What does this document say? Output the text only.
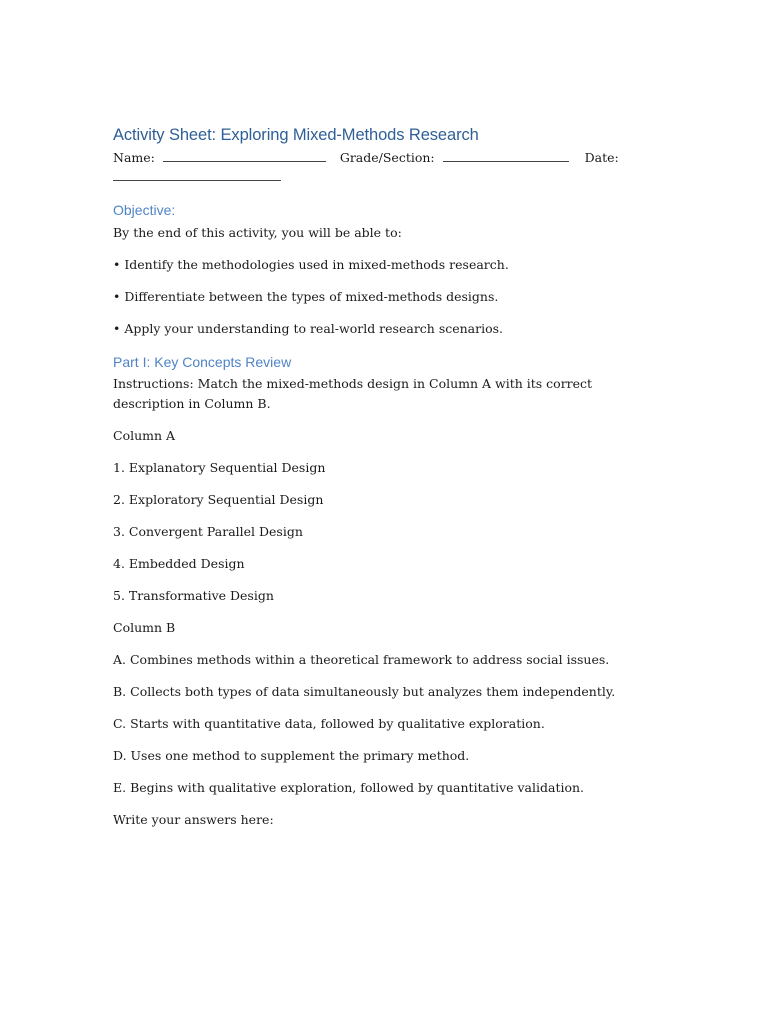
Activity Sheet: Exploring Mixed-Methods Research
Name:	Grade/Section:	Date:
Objective:

By the end of this activity, you will be able to:

• Identify the methodologies used in mixed-methods research.

• Differentiate between the types of mixed-methods designs.

• Apply your understanding to real-world research scenarios.

Part I: Key Concepts Review

Instructions: Match the mixed-methods design in Column A with its correct description in Column B.

Column A

1. Explanatory Sequential Design

2. Exploratory Sequential Design

3. Convergent Parallel Design

4. Embedded Design

5. Transformative Design

Column B

A. Combines methods within a theoretical framework to address social issues.

B. Collects both types of data simultaneously but analyzes them independently.

C. Starts with quantitative data, followed by qualitative exploration.

D. Uses one method to supplement the primary method.

E. Begins with qualitative exploration, followed by quantitative validation.

Write your answers here:
